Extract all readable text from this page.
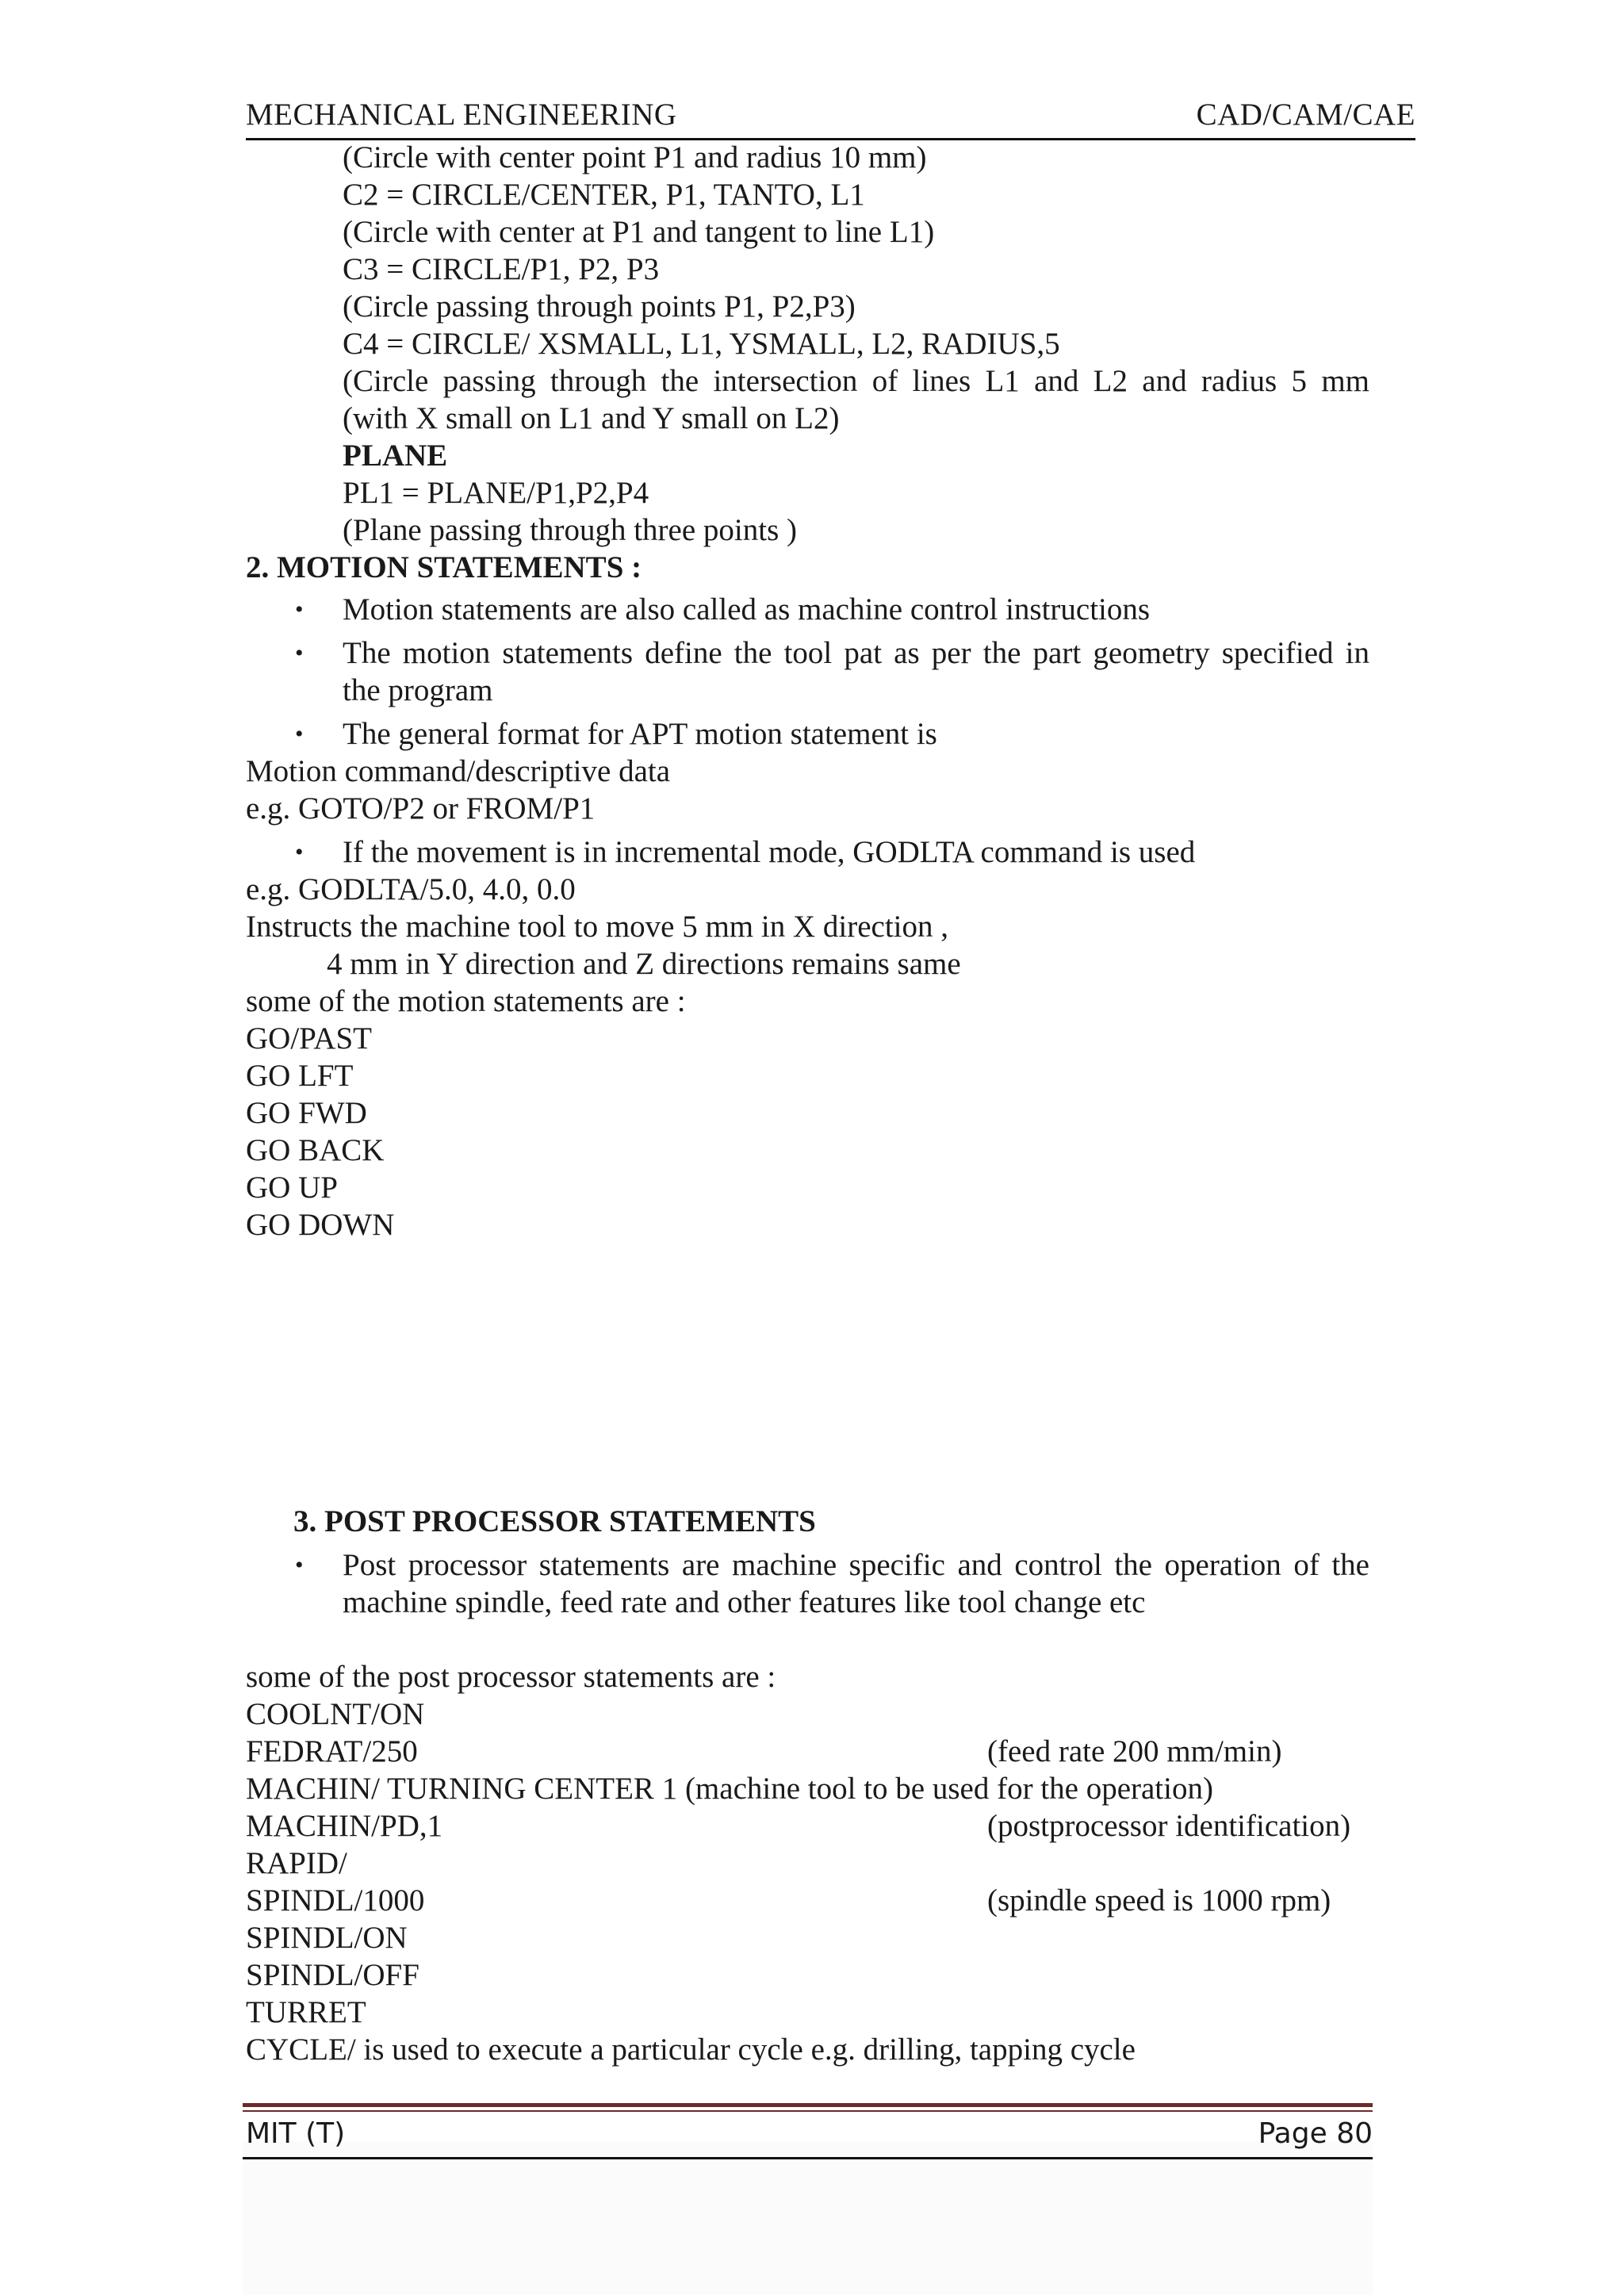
MECHANICAL ENGINEERING	CAD/CAM/CAE
(Circle with center point P1 and radius 10 mm)
C2 = CIRCLE/CENTER, P1, TANTO, L1
(Circle with center at P1 and tangent to line L1)
C3 = CIRCLE/P1, P2, P3
(Circle passing through points P1, P2,P3)
C4 = CIRCLE/ XSMALL, L1, YSMALL, L2, RADIUS,5
(Circle passing through the intersection of lines L1 and L2 and radius 5 mm
(with X small on L1 and Y small on L2)
PLANE
PL1 = PLANE/P1,P2,P4
(Plane passing through three points )
2. MOTION STATEMENTS :
• Motion statements are also called as machine control instructions
• The motion statements define the tool pat as per the part geometry specified in
the program
• The general format for APT motion statement is
Motion command/descriptive data
e.g. GOTO/P2 or FROM/P1
• If the movement is in incremental mode, GODLTA command is used
e.g. GODLTA/5.0, 4.0, 0.0
Instructs the machine tool to move 5 mm in X direction ,
4 mm in Y direction and Z directions remains same
some of the motion statements are :
GO/PAST
GO LFT
GO FWD
GO BACK
GO UP
GO DOWN
3. POST PROCESSOR STATEMENTS
• Post processor statements are machine specific and control the operation of the
machine spindle, feed rate and other features like tool change etc
some of the post processor statements are :
COOLNT/ON
FEDRAT/250	(feed rate 200 mm/min)
MACHIN/ TURNING CENTER 1 (machine tool to be used for the operation)
MACHIN/PD,1	(postprocessor identification)
RAPID/
SPINDL/1000	(spindle speed is 1000 rpm)
SPINDL/ON
SPINDL/OFF
TURRET
CYCLE/ is used to execute a particular cycle e.g. drilling, tapping cycle
MIT (T)	Page 80
